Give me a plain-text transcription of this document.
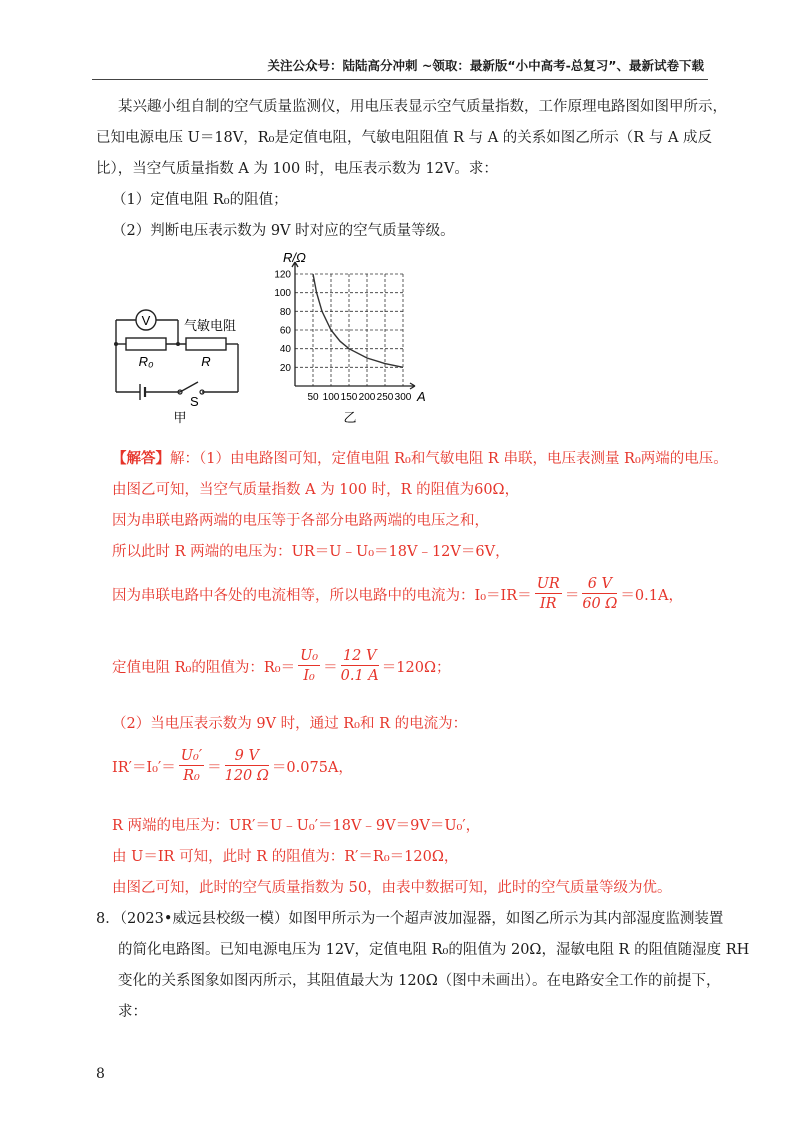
关注公众号：陆陆高分冲刺 ~领取：最新版“小中高考-总复习”、最新试卷下载
某兴趣小组自制的空气质量监测仪，用电压表显示空气质量指数，工作原理电路图如图甲所示，
已知电源电压 U＝18V，R₀是定值电阻，气敏电阻阻值 R 与 A 的关系如图乙所示（R 与 A 成反
比），当空气质量指数 A 为 100 时，电压表示数为 12V。求：
（1）定值电阻 R₀的阻值；
（2）判断电压表示数为 9V 时对应的空气质量等级。
V	气敏电阻
R₀	R
S
甲
50 100 150 200 250 300
20
40
60
80
100
120
R/Ω
A
乙
【解答】解：（1）由电路图可知，定值电阻 R₀和气敏电阻 R 串联，电压表测量 R₀两端的电压。
由图乙可知，当空气质量指数 A 为 100 时，R 的阻值为60Ω，
因为串联电路两端的电压等于各部分电路两端的电压之和，
所以此时 R 两端的电压为：UR＝U﹣U₀＝18V﹣12V＝6V，
因为串联电路中各处的电流相等，所以电路中的电流为：$I_0=IR= \frac{UR}{IR} = \frac{6 V}{60 \Omega} =0.1A$，
定值电阻 R₀的阻值为：$R_0= \frac{\text{U₀}}{\text{I₀}} = \frac{12 V}{0.1 A} =120\Omega$；
（2）当电压表示数为 9V 时，通过 R₀和 R 的电流为：
$IR'=I_0'= \frac{\text{U₀′}}{\text{R₀}} = \frac{9 V}{120 \Omega} =0.075A$，
R 两端的电压为：UR′＝U﹣U₀′＝18V﹣9V＝9V＝U₀′，
由 U＝IR 可知，此时 R 的阻值为：R′＝R₀＝120Ω，
由图乙可知，此时的空气质量指数为 50，由表中数据可知，此时的空气质量等级为优。
8．（2023•威远县校级一模）如图甲所示为一个超声波加湿器，如图乙所示为其内部湿度监测装置
的简化电路图。已知电源电压为 12V，定值电阻 R₀的阻值为 20Ω，湿敏电阻 R 的阻值随湿度 RH
变化的关系图象如图丙所示，其阻值最大为 120Ω（图中未画出）。在电路安全工作的前提下，
求：
8
